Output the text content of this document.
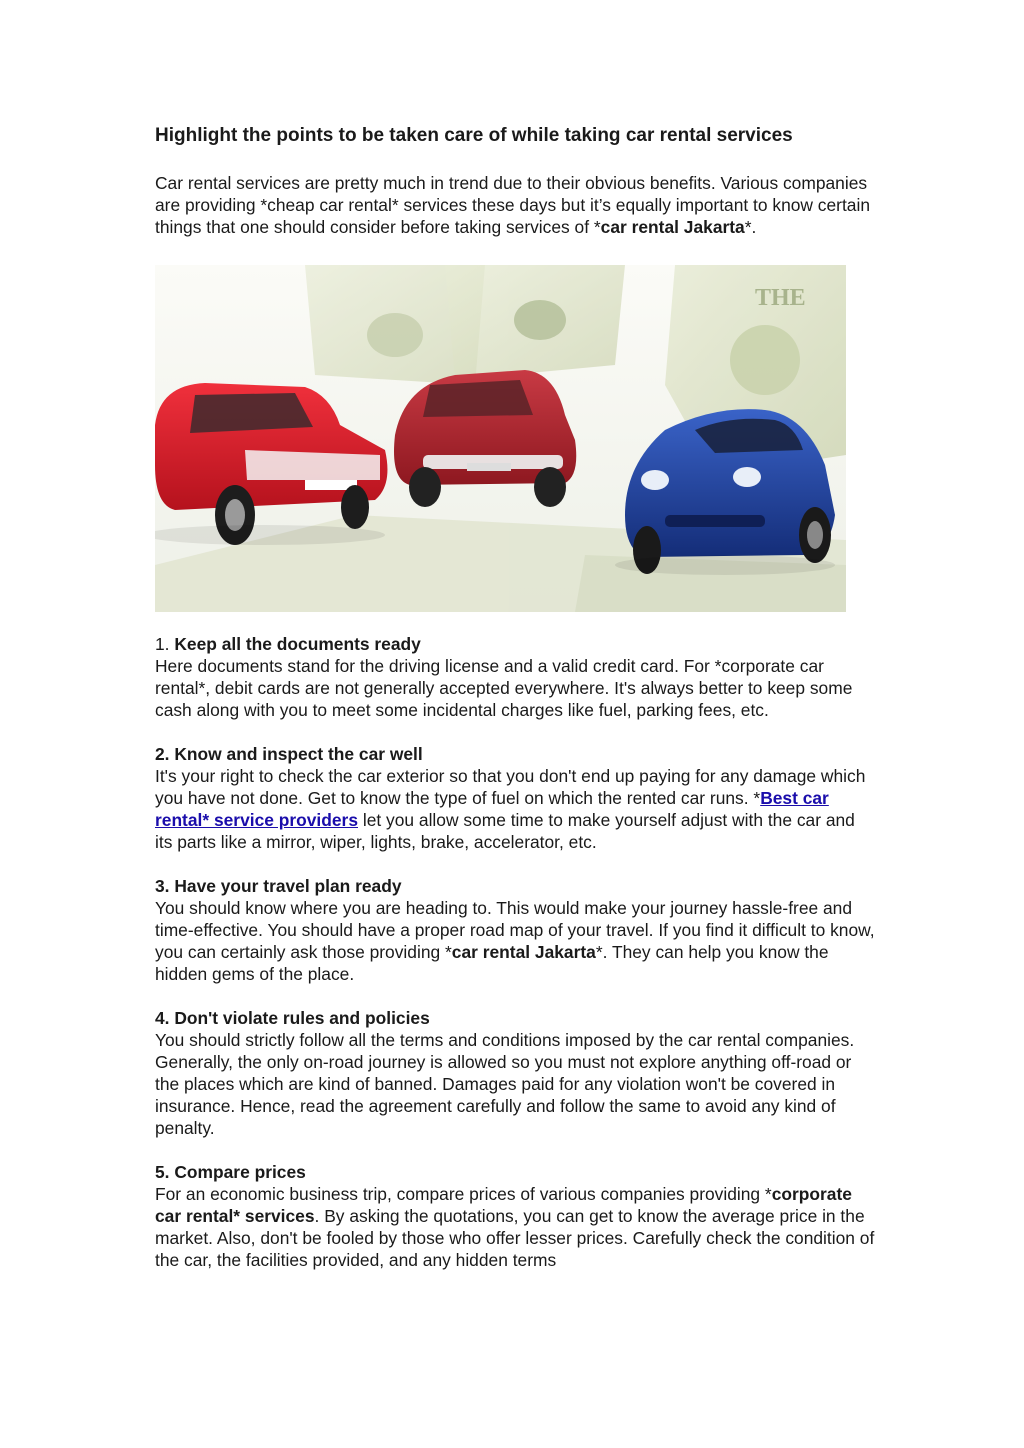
Highlight the points to be taken care of while taking car rental services

Car rental services are pretty much in trend due to their obvious benefits. Various companies are providing *cheap car rental* services these days but it’s equally important to know certain things that one should consider before taking services of *car rental Jakarta*.

THE
1. Keep all the documents ready

Here documents stand for the driving license and a valid credit card. For *corporate car rental*, debit cards are not generally accepted everywhere. It's always better to keep some cash along with you to meet some incidental charges like fuel, parking fees, etc.

2. Know and inspect the car well

It's your right to check the car exterior so that you don't end up paying for any damage which you have not done. Get to know the type of fuel on which the rented car runs. *Best car rental* service providers let you allow some time to make yourself adjust with the car and its parts like a mirror, wiper, lights, brake, accelerator, etc.

3. Have your travel plan ready

You should know where you are heading to. This would make your journey hassle-free and time-effective. You should have a proper road map of your travel. If you find it difficult to know, you can certainly ask those providing *car rental Jakarta*. They can help you know the hidden gems of the place.

4. Don't violate rules and policies

You should strictly follow all the terms and conditions imposed by the car rental companies. Generally, the only on-road journey is allowed so you must not explore anything off-road or the places which are kind of banned. Damages paid for any violation won't be covered in insurance. Hence, read the agreement carefully and follow the same to avoid any kind of penalty.

5. Compare prices

For an economic business trip, compare prices of various companies providing *corporate car rental* services. By asking the quotations, you can get to know the average price in the market. Also, don't be fooled by those who offer lesser prices. Carefully check the condition of the car, the facilities provided, and any hidden terms
